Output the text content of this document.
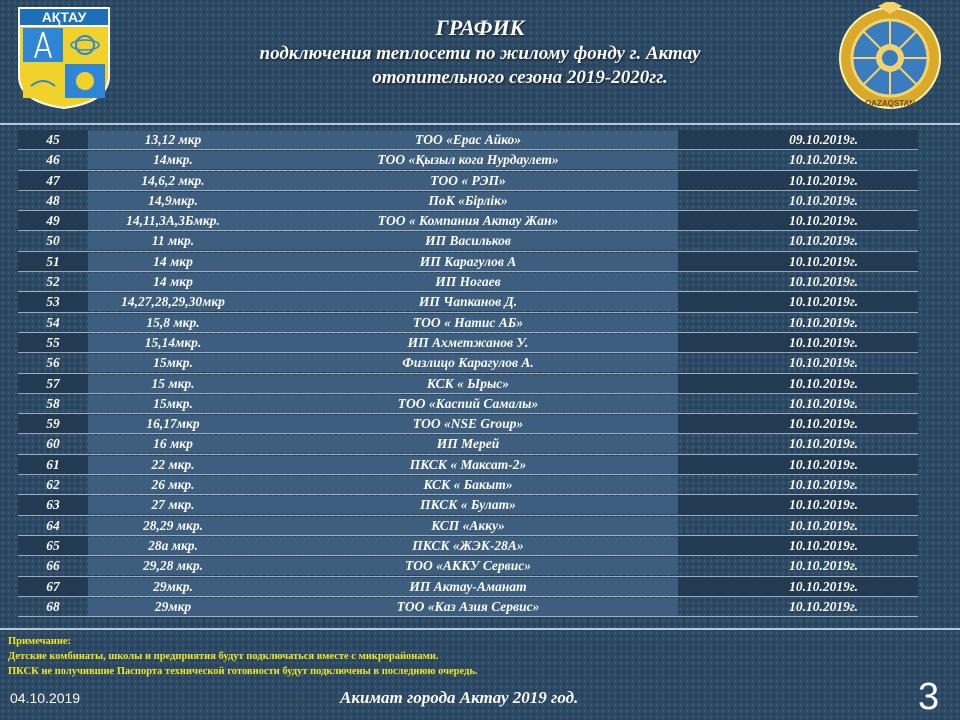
АҚТАУ	ГРАФИК
подключения теплосети по жилому фонду г. Актау
отопительного сезона 2019-2020гг.
QAZAQSTAN
45	13,12 мкр	ТОО «Ерас Айко»	09.10.2019г.
46	14мкр.	ТОО «Қызыл кога Нурдаулет»	10.10.2019г.
47	14,6,2 мкр.	ТОО « РЭП»	10.10.2019г.
48	14,9мкр.	ПоК «Бірлік»	10.10.2019г.
49	14,11,3А,3Бмкр.	ТОО « Компания Актау Жан»	10.10.2019г.
50	11 мкр.	ИП Васильков	10.10.2019г.
51	14 мкр	ИП Карагулов А	10.10.2019г.
52	14 мкр	ИП Ногаев	10.10.2019г.
53	14,27,28,29,30мкр	ИП Чапканов Д.	10.10.2019г.
54	15,8 мкр.	ТОО « Натис АБ»	10.10.2019г.
55	15,14мкр.	ИП Ахметжанов У.	10.10.2019г.
56	15мкр.	Физлицо Карагулов А.	10.10.2019г.
57	15 мкр.	КСК « Ырыс»	10.10.2019г.
58	15мкр.	ТОО «Каспий Самалы»	10.10.2019г.
59	16,17мкр	ТОО «NSE Group»	10.10.2019г.
60	16 мкр	ИП Мерей	10.10.2019г.
61	22 мкр.	ПКСК « Максат-2»	10.10.2019г.
62	26 мкр.	КСК « Бакыт»	10.10.2019г.
63	27 мкр.	ПКСК « Булат»	10.10.2019г.
64	28,29 мкр.	КСП «Акку»	10.10.2019г.
65	28а мкр.	ПКСК «ЖЭК-28А»	10.10.2019г.
66	29,28 мкр.	ТОО «АККУ Сервис»	10.10.2019г.
67	29мкр.	ИП Актау-Аманат	10.10.2019г.
68	29мкр	ТОО «Каз Азия Сервис»	10.10.2019г.
Примечание:
Детские комбинаты, школы и предприятия будут подключаться вместе с микрорайонами.
ПКСК не получившие Паспорта технической готовности будут подключены в последнюю очередь.
04.10.2019	Акимат города Актау 2019 год.	3
